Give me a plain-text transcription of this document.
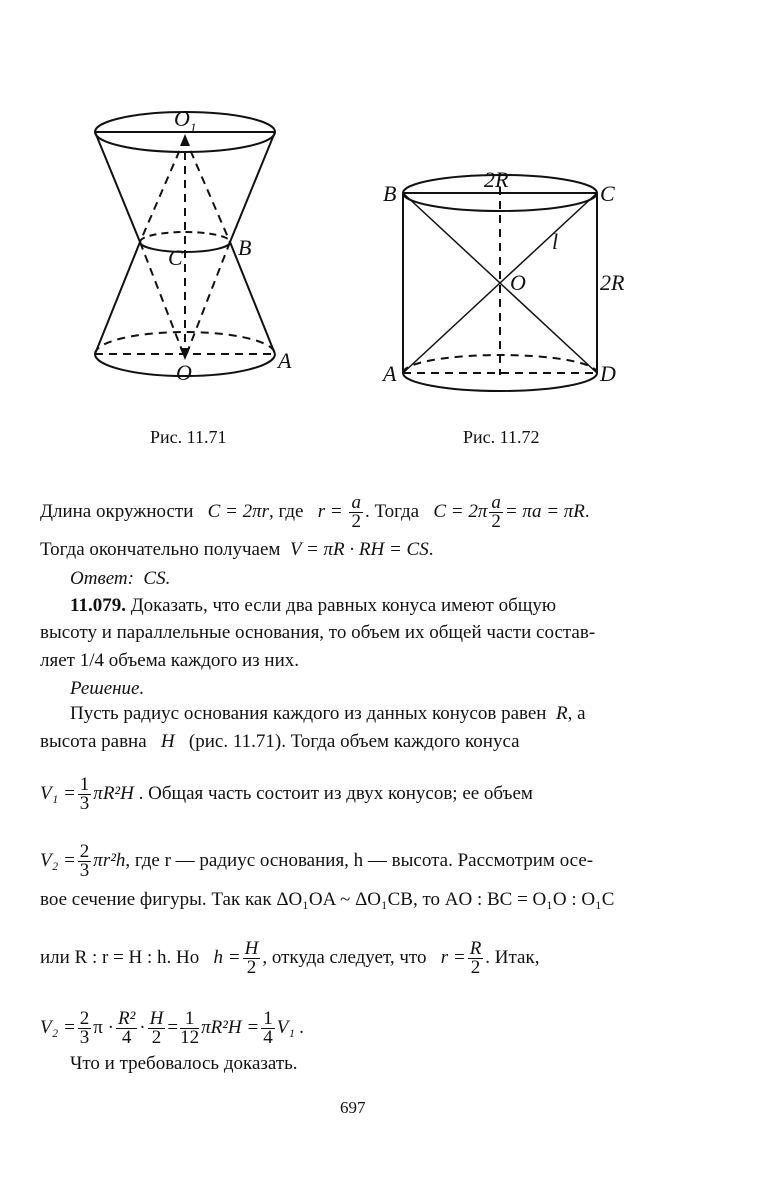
O 1
B
C
O	A
Рис. 11.71
B	C
2R
l
O	2R
A	D
Рис. 11.72
Длина окружности C = 2πr, где $r = \frac{a}{2}$ . Тогда $C = 2\pi \frac{a}{2} = \pi a = \pi R$.
Тогда окончательно получаем V = πR · RH = CS.
Ответ: CS.
11.079. Доказать, что если два равных конуса имеют общую
высоту и параллельные основания, то объем их общей части состав-
ляет 1/4 объема каждого из них.
Решение.
Пусть радиус основания каждого из данных конусов равен R, а
высота равна H (рис. 11.71). Тогда объем каждого конуса
$V_1 = \frac{1}{3} \pi R^2H$ . Общая часть состоит из двух конусов; ее объем
$V_2 = \frac{2}{3} \pi r^2h$, где r — радиус основания, h — высота. Рассмотрим осе-
вое сечение фигуры. Так как ΔO₁OA ~ ΔO₁CB, то AO : BC = O₁O : O₁C
или R : r = H : h. Но $h = \frac{H}{2}$ , откуда следует, что $r = \frac{R}{2}$ . Итак,
$V_2 = \frac{2}{3}$ $\pi \cdot \frac{\text{R²}}{4} \cdot \frac{H}{2} = \frac{1}{12} \pi R^2H = \frac{1}{4} V_1$ .
Что и требовалось доказать.
697
